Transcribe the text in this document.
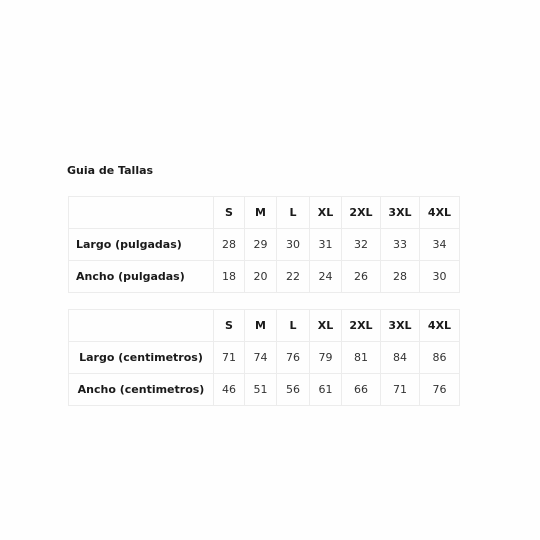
Guia de Tallas
	S	M	L	XL	2XL	3XL	4XL
Largo (pulgadas)	28	29	30	31	32	33	34
Ancho (pulgadas)	18	20	22	24	26	28	30
	S	M	L	XL	2XL	3XL	4XL
Largo (centimetros)	71	74	76	79	81	84	86
Ancho (centimetros)	46	51	56	61	66	71	76
